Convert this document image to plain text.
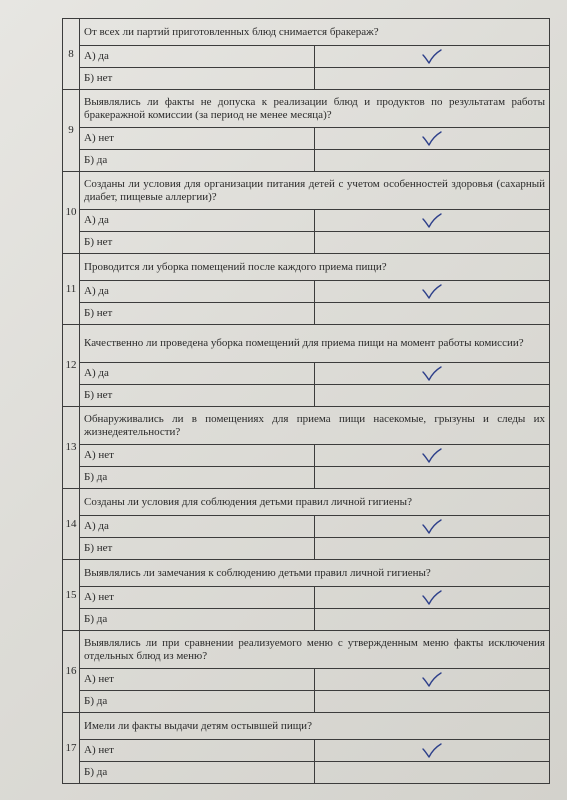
8	От всех ли партий приготовленных блюд снимается бракераж?	
	А) да	

	Б) нет	
9	Выявлялись ли факты не допуска к реализации блюд и продуктов по результатам работы бракеражной комиссии (за период не менее месяца)?	
	А) нет	

	Б) да	
10	Созданы ли условия для организации питания детей с учетом особенностей здоровья (сахарный диабет, пищевые аллергии)?	
	А) да	

	Б) нет	
11	Проводится ли уборка помещений после каждого приема пищи?	
	А) да	

	Б) нет	
12	Качественно ли проведена уборка помещений для приема пищи на момент работы комиссии?	
	А) да	

	Б) нет	
13	Обнаруживались ли в помещениях для приема пищи насекомые, грызуны и следы их жизнедеятельности?	
	А) нет	

	Б) да	
14	Созданы ли условия для соблюдения детьми правил личной гигиены?	
	А) да	

	Б) нет	
15	Выявлялись ли замечания к соблюдению детьми правил личной гигиены?	
	А) нет	

	Б) да	
16	Выявлялись ли при сравнении реализуемого меню с утвержденным меню факты исключения отдельных блюд из меню?	
	А) нет	

	Б) да	
17	Имели ли факты выдачи детям остывшей пищи?	
	А) нет	

	Б) да	
